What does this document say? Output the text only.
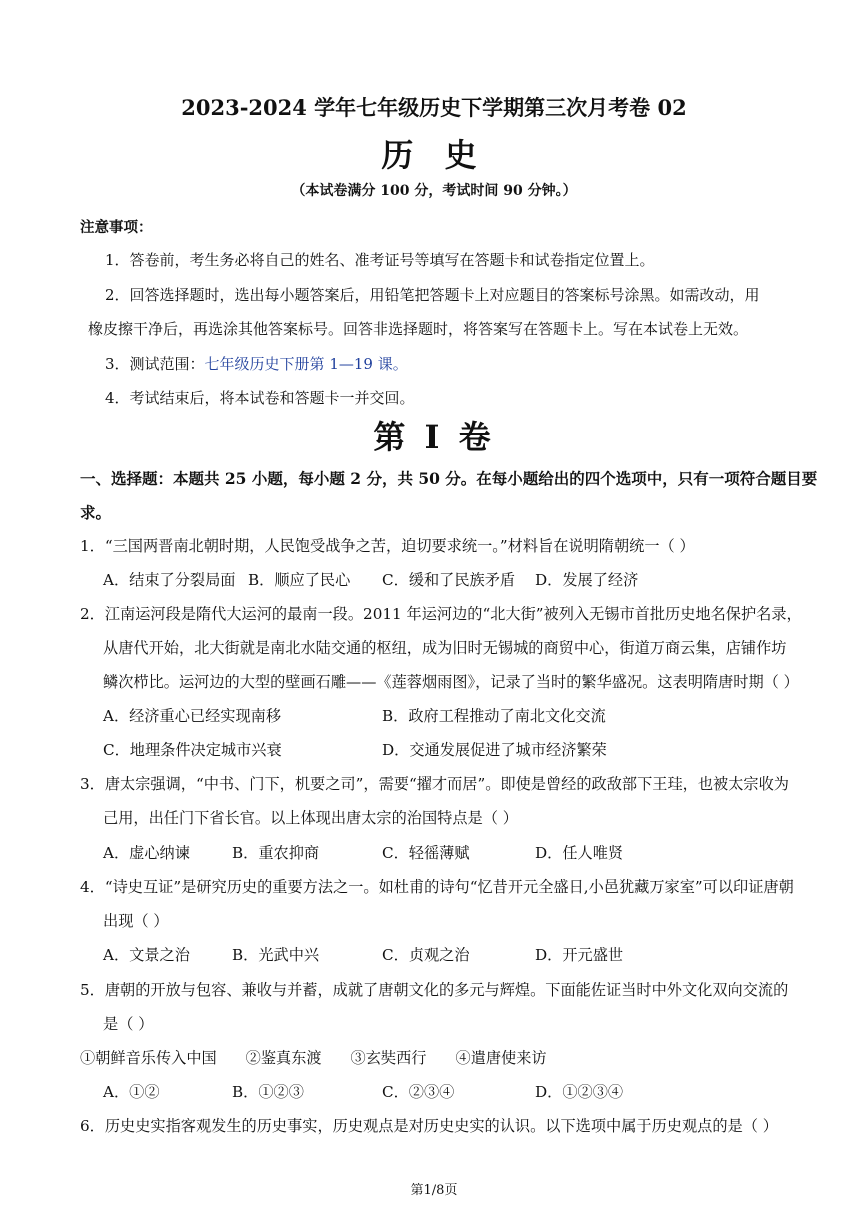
2023-2024 学年七年级历史下学期第三次月考卷 02
历 史
（本试卷满分 100 分，考试时间 90 分钟。）
注意事项：
1．答卷前，考生务必将自己的姓名、准考证号等填写在答题卡和试卷指定位置上。
2．回答选择题时，选出每小题答案后，用铅笔把答题卡上对应题目的答案标号涂黑。如需改动，用
橡皮擦干净后，再选涂其他答案标号。回答非选择题时，将答案写在答题卡上。写在本试卷上无效。
3．测试范围：七年级历史下册第 1—19 课。
4．考试结束后，将本试卷和答题卡一并交回。
第 I 卷
一、选择题：本题共 25 小题，每小题 2 分，共 50 分。在每小题给出的四个选项中，只有一项符合题目要
求。
1．“三国两晋南北朝时期，人民饱受战争之苦，迫切要求统一。”材料旨在说明隋朝统一（ ）
A．结束了分裂局面 B．顺应了民心 C．缓和了民族矛盾 D．发展了经济
2．江南运河段是隋代大运河的最南一段。2011 年运河边的“北大街”被列入无锡市首批历史地名保护名录，
从唐代开始，北大街就是南北水陆交通的枢纽，成为旧时无锡城的商贸中心，街道万商云集，店铺作坊
鳞次栉比。运河边的大型的壁画石雕——《莲蓉烟雨图》，记录了当时的繁华盛况。这表明隋唐时期（ ）
A．经济重心已经实现南移	B．政府工程推动了南北文化交流
C．地理条件决定城市兴衰	D．交通发展促进了城市经济繁荣
3．唐太宗强调，“中书、门下，机要之司”，需要“擢才而居”。即使是曾经的政敌部下王珪，也被太宗收为
己用，出任门下省长官。以上体现出唐太宗的治国特点是（ ）
A．虚心纳谏	B．重农抑商	C．轻徭薄赋	D．任人唯贤
4．“诗史互证”是研究历史的重要方法之一。如杜甫的诗句“忆昔开元全盛日,小邑犹藏万家室”可以印证唐朝
出现（ ）
A．文景之治	B．光武中兴	C．贞观之治	D．开元盛世
5．唐朝的开放与包容、兼收与并蓄，成就了唐朝文化的多元与辉煌。下面能佐证当时中外文化双向交流的
是（ ）
①朝鲜音乐传入中国      ②鉴真东渡      ③玄奘西行      ④遣唐使来访
A．①②	B．①②③	C．②③④	D．①②③④
6．历史史实指客观发生的历史事实，历史观点是对历史史实的认识。以下选项中属于历史观点的是（ ）
第1/8页
